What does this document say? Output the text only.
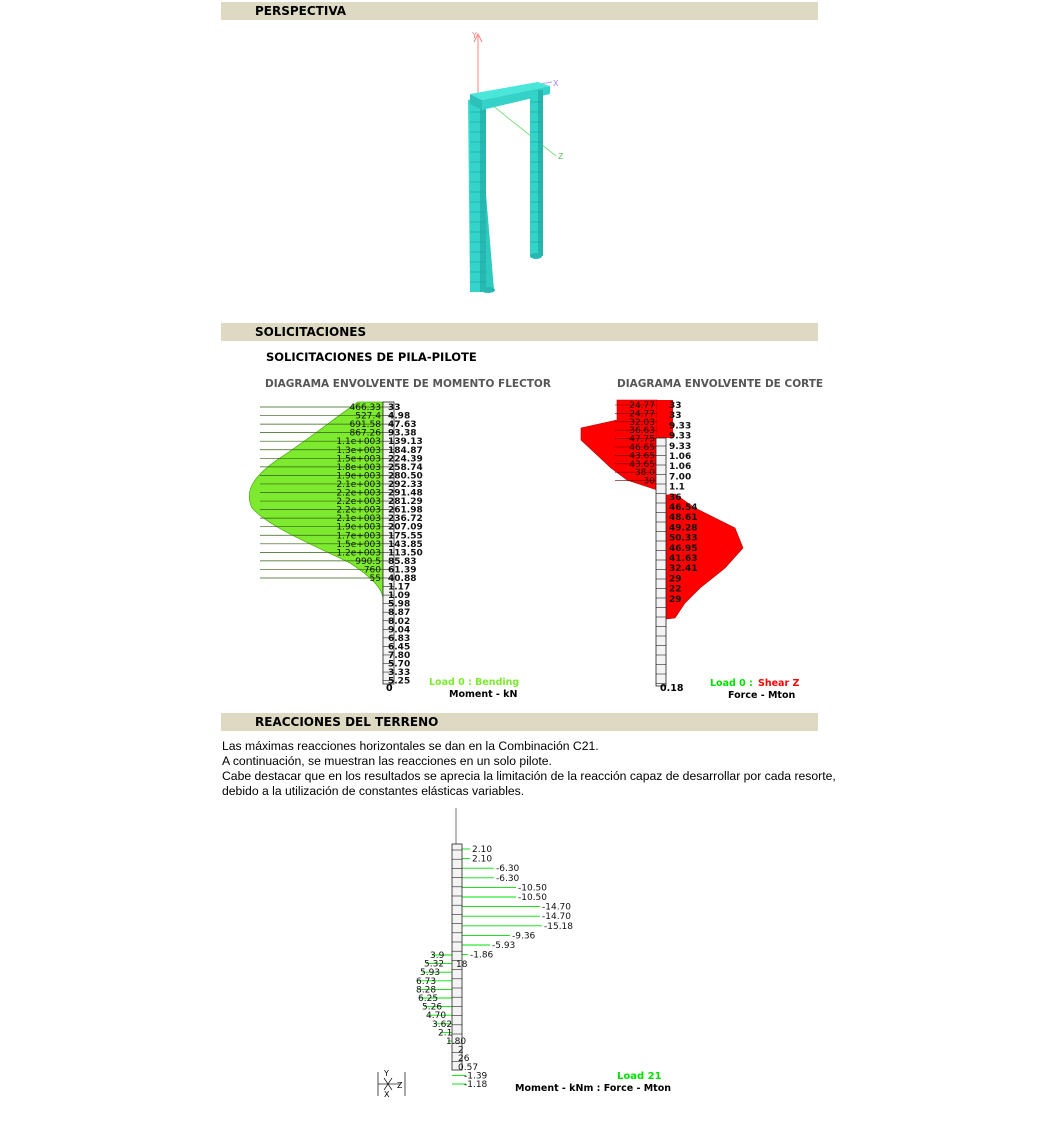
PERSPECTIVA
Y
X
Z
SOLICITACIONES
SOLICITACIONES DE PILA-PILOTE
DIAGRAMA ENVOLVENTE DE MOMENTO FLECTOR	DIAGRAMA ENVOLVENTE DE CORTE
466.33
527.4
691.58
867.26
1.1e+003
1.3e+003
1.5e+003
1.8e+003
1.9e+003
2.1e+003
2.2e+003
2.2e+003
2.2e+003
2.1e+003
1.9e+003
1.7e+003
1.5e+003
1.2e+003
990.5
760
55
33
4.98
47.63
93.38
139.13
184.87
224.39
258.74
280.50
292.33
291.48
281.29
261.98
236.72
207.09
175.55
143.85
113.50
85.83
61.39
40.88
1.17
1.09
5.98
8.87
8.02
9.04
6.83
6.45
7.80
5.70
3.33
5.25
0
Load 0 : Bending
Moment - kN
24.77
24.77
32.03
36.63
47.75
46.65
43.65
43.65
38.0
30
33
33
9.33
9.33
9.33
1.06
1.06
7.00
1.1
36
46.54
48.61
49.28
50.33
46.95
41.63
32.41
29
22
29
0.18	Load 0 : Shear Z
Force - Mton
REACCIONES DEL TERRENO
Las máximas reacciones horizontales se dan en la Combinación C21.
A continuación, se muestran las reacciones en un solo pilote.
Cabe destacar que en los resultados se aprecia la limitación de la reacción capaz de desarrollar por cada resorte,
debido a la utilización de constantes elásticas variables.
2.10
2.10
-6.30
-6.30
-10.50
-10.50
-14.70
-14.70
-15.18
-9.36
-5.93
-1.86
18
3.9
5.32
5.93
6.73
8.28
6.25
5.26
4.70
3.62
2.1
1.80
2
26
0.57
-1.39
-1.18
Y
Z
X
Load 21
Moment - kNm : Force - Mton
